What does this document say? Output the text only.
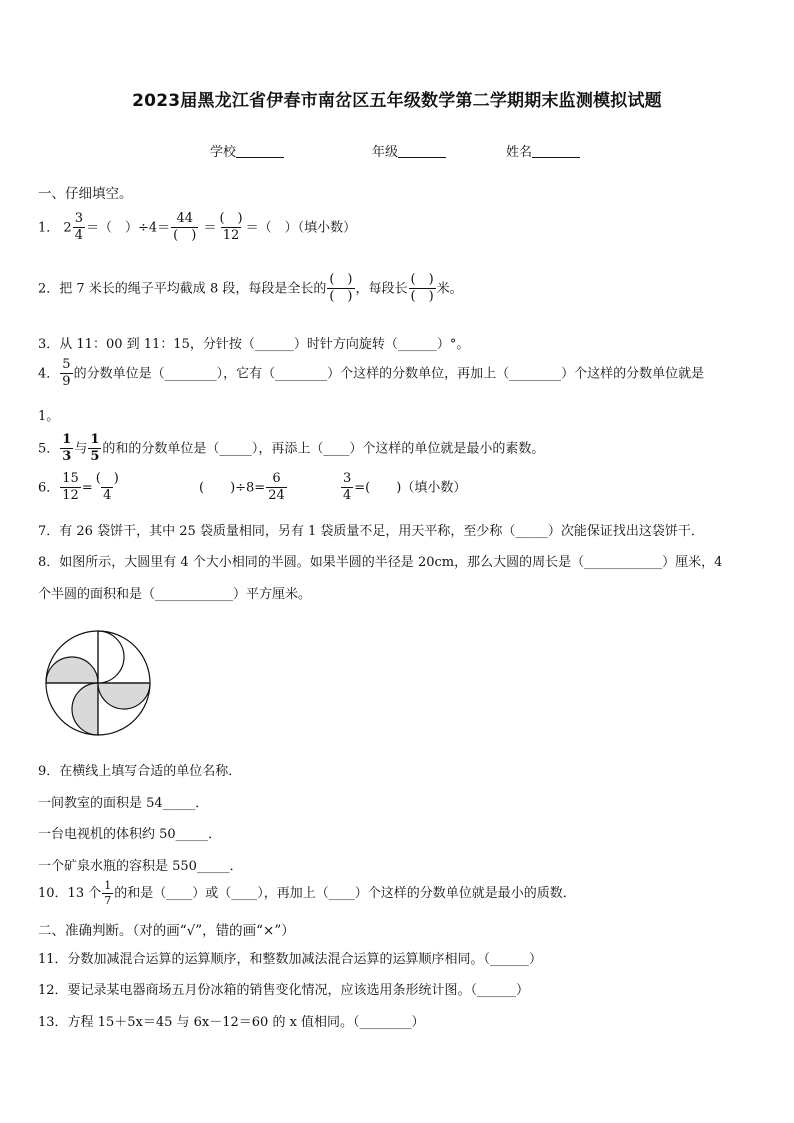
2023届黑龙江省伊春市南岔区五年级数学第二学期期末监测模拟试题
学校	年级	姓名
一、仔细填空。
1． $2 \frac{3}{4}$ ＝（　）$\div 4= \frac{44}{( )} = \frac{( )}{12}$ ＝（　）（填小数）
2．把 7 米长的绳子平均截成 8 段，每段是全长的 $\frac{( )}{( )}$ ，每段长 $\frac{( )}{( )}$ 米。
3．从 11：00 到 11：15，分针按（______）时针方向旋转（______）°。
4． $\frac{5}{9}$ 的分数单位是（________），它有（________）个这样的分数单位，再加上（________）个这样的分数单位就是
1。
5． $\frac{1}{3}$ 与 $\frac{1}{5}$ 的和的分数单位是（_____），再添上（____）个这样的单位就是最小的素数。
6． $\frac{15}{12} = \frac{( )}{4}$	(　　)$\div 8= \frac{6}{24}$	$\frac{3}{4}$ =(　　)（填小数）
7．有 26 袋饼干，其中 25 袋质量相同，另有 1 袋质量不足，用天平称，至少称（_____）次能保证找出这袋饼干．
8．如图所示，大圆里有 4 个大小相同的半圆。如果半圆的半径是 20cm，那么大圆的周长是（____________）厘米，4
个半圆的面积和是（____________）平方厘米。
9．在横线上填写合适的单位名称．
一间教室的面积是 54_____．
一台电视机的体积约 50_____．
一个矿泉水瓶的容积是 550_____．
10．13 个 $\frac{1}{7}$ 的和是（____）或（____），再加上（____）个这样的分数单位就是最小的质数．
二、准确判断。（对的画“√”，错的画“×”）
11．分数加减混合运算的运算顺序，和整数加减法混合运算的运算顺序相同。（______）
12．要记录某电器商场五月份冰箱的销售变化情况，应该选用条形统计图。（______）
13．方程 15＋5x＝45 与 6x－12＝60 的 x 值相同。（________）
